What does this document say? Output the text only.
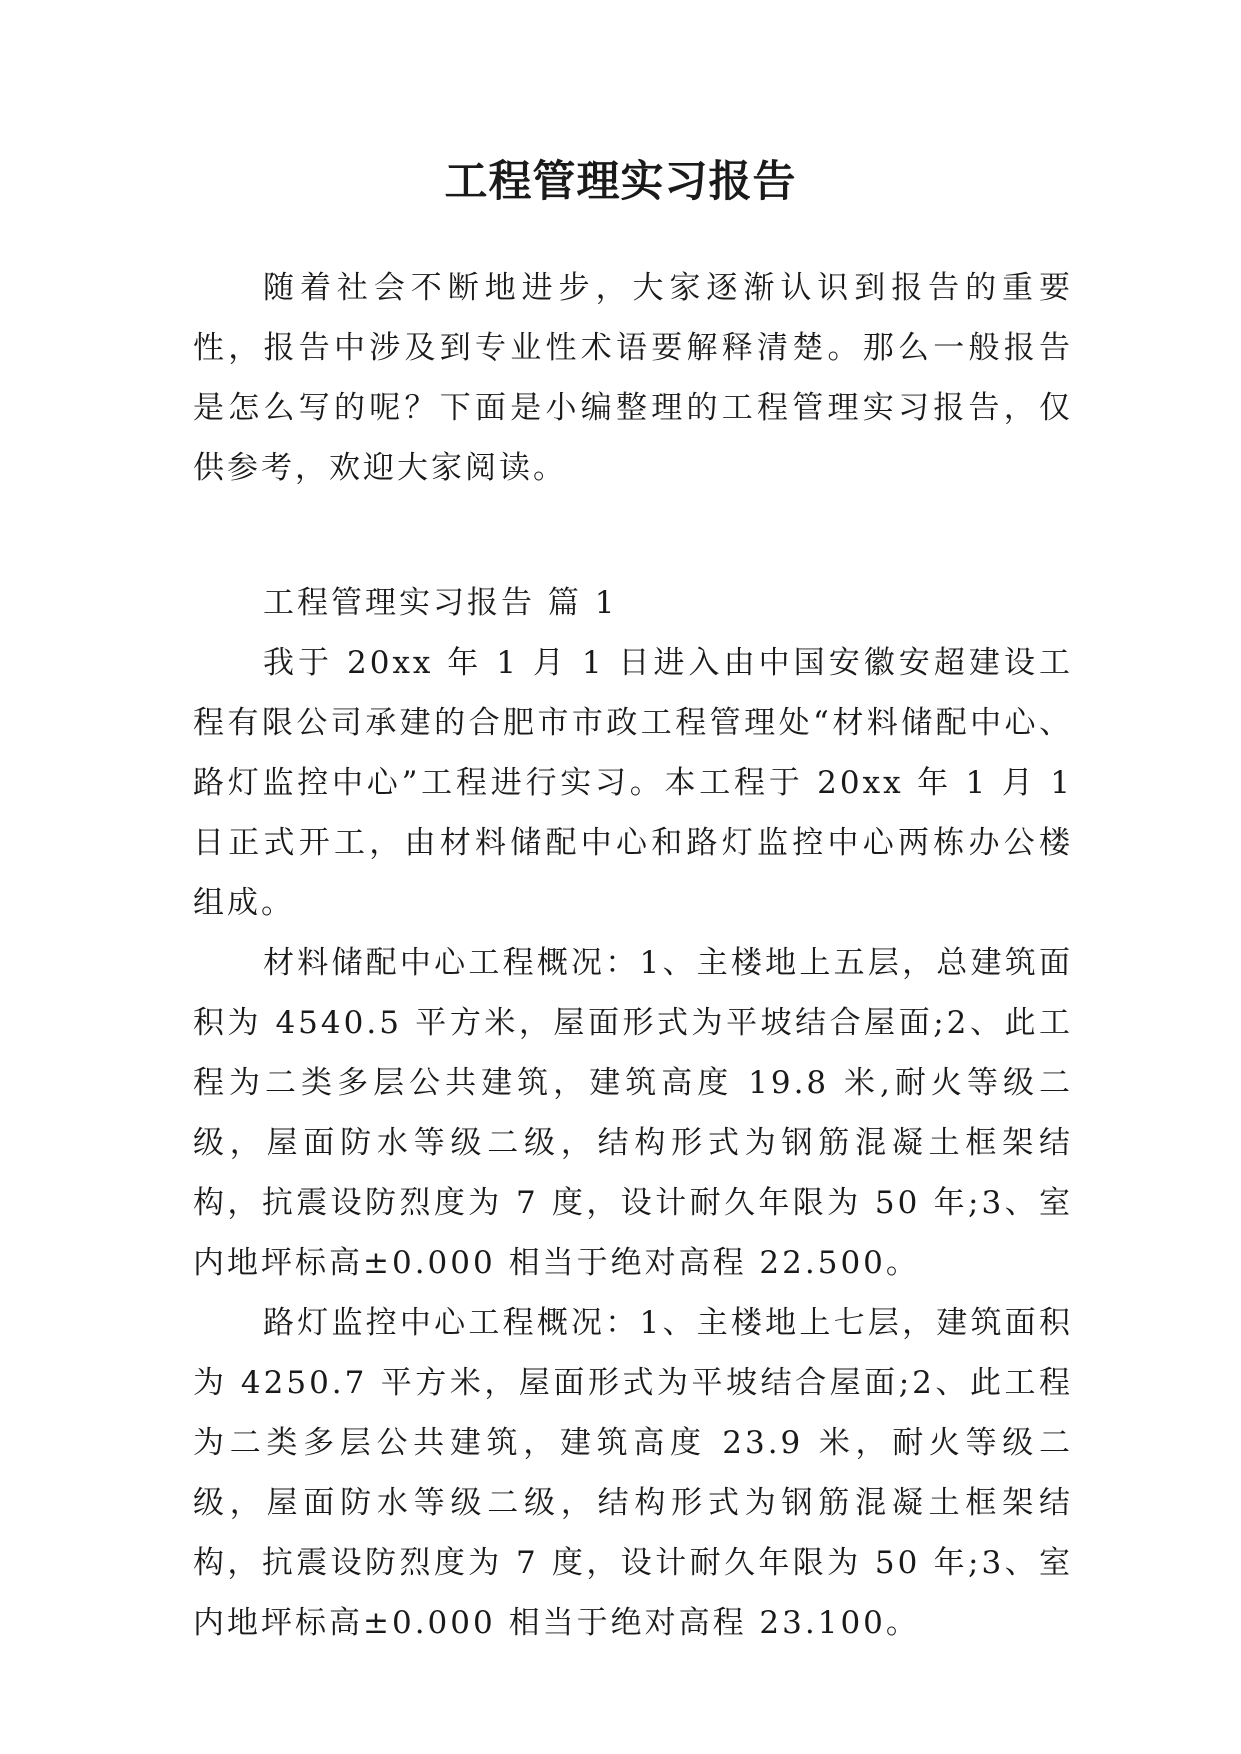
工程管理实习报告

随着社会不断地进步，大家逐渐认识到报告的重要性，报告中涉及到专业性术语要解释清楚。那么一般报告是怎么写的呢？下面是小编整理的工程管理实习报告，仅供参考，欢迎大家阅读。

工程管理实习报告 篇 1

我于 20xx 年 1 月 1 日进入由中国安徽安超建设工程有限公司承建的合肥市市政工程管理处“材料储配中心、路灯监控中心”工程进行实习。本工程于 20xx 年 1 月 1 日正式开工，由材料储配中心和路灯监控中心两栋办公楼组成。

材料储配中心工程概况：1、主楼地上五层，总建筑面积为 4540.5 平方米，屋面形式为平坡结合屋面;2、此工程为二类多层公共建筑，建筑高度 19.8 米,耐火等级二级，屋面防水等级二级，结构形式为钢筋混凝土框架结构，抗震设防烈度为 7 度，设计耐久年限为 50 年;3、室内地坪标高±0.000 相当于绝对高程 22.500。

路灯监控中心工程概况：1、主楼地上七层，建筑面积为 4250.7 平方米，屋面形式为平坡结合屋面;2、此工程为二类多层公共建筑，建筑高度 23.9 米，耐火等级二级，屋面防水等级二级，结构形式为钢筋混凝土框架结构，抗震设防烈度为 7 度，设计耐久年限为 50 年;3、室内地坪标高±0.000 相当于绝对高程 23.100。
